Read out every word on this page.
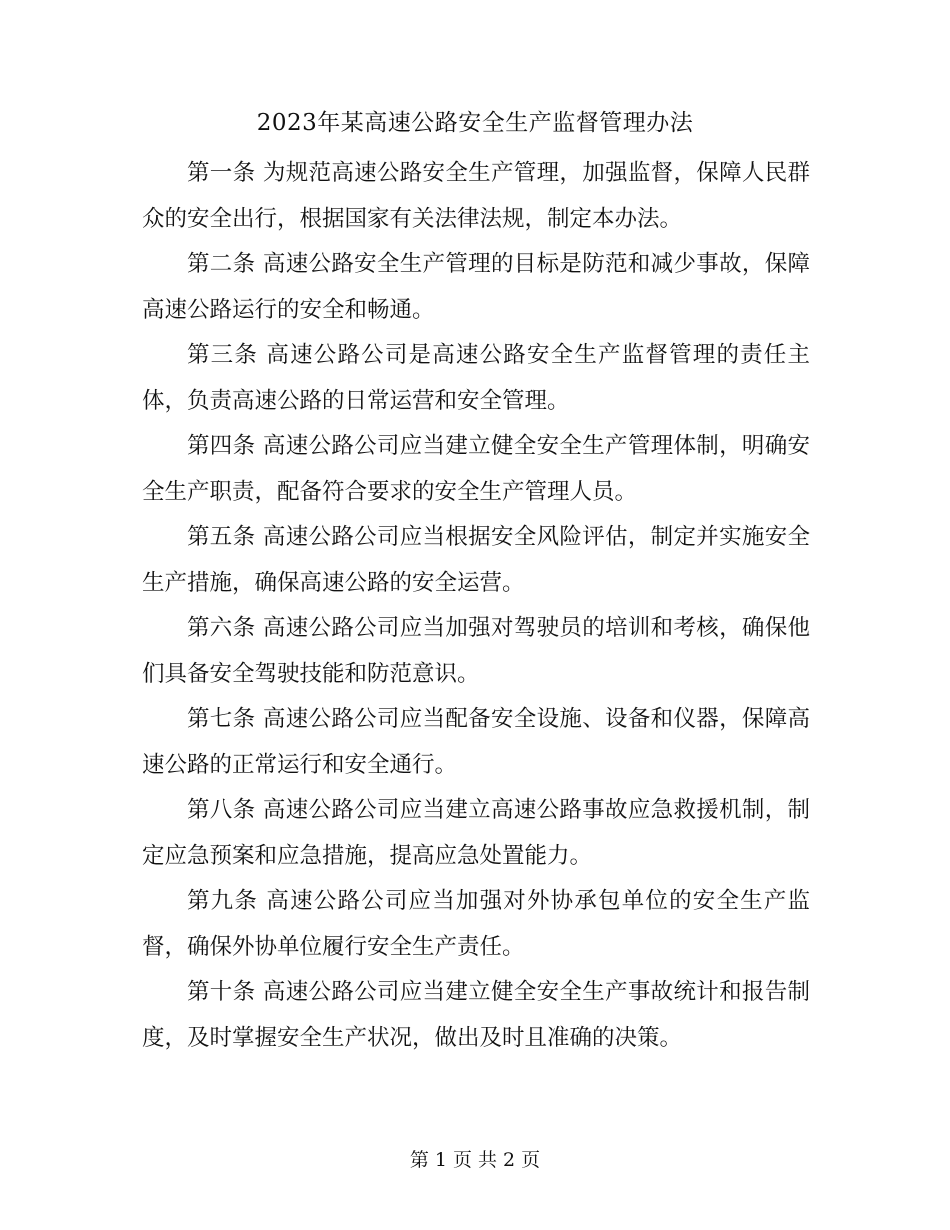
2023年某高速公路安全生产监督管理办法

第一条 为规范高速公路安全生产管理，加强监督，保障人民群众的安全出行，根据国家有关法律法规，制定本办法。

第二条 高速公路安全生产管理的目标是防范和减少事故，保障高速公路运行的安全和畅通。

第三条 高速公路公司是高速公路安全生产监督管理的责任主体，负责高速公路的日常运营和安全管理。

第四条 高速公路公司应当建立健全安全生产管理体制，明确安全生产职责，配备符合要求的安全生产管理人员。

第五条 高速公路公司应当根据安全风险评估，制定并实施安全生产措施，确保高速公路的安全运营。

第六条 高速公路公司应当加强对驾驶员的培训和考核，确保他们具备安全驾驶技能和防范意识。

第七条 高速公路公司应当配备安全设施、设备和仪器，保障高速公路的正常运行和安全通行。

第八条 高速公路公司应当建立高速公路事故应急救援机制，制定应急预案和应急措施，提高应急处置能力。

第九条 高速公路公司应当加强对外协承包单位的安全生产监督，确保外协单位履行安全生产责任。

第十条 高速公路公司应当建立健全安全生产事故统计和报告制度，及时掌握安全生产状况，做出及时且准确的决策。

第 1 页 共 2 页
